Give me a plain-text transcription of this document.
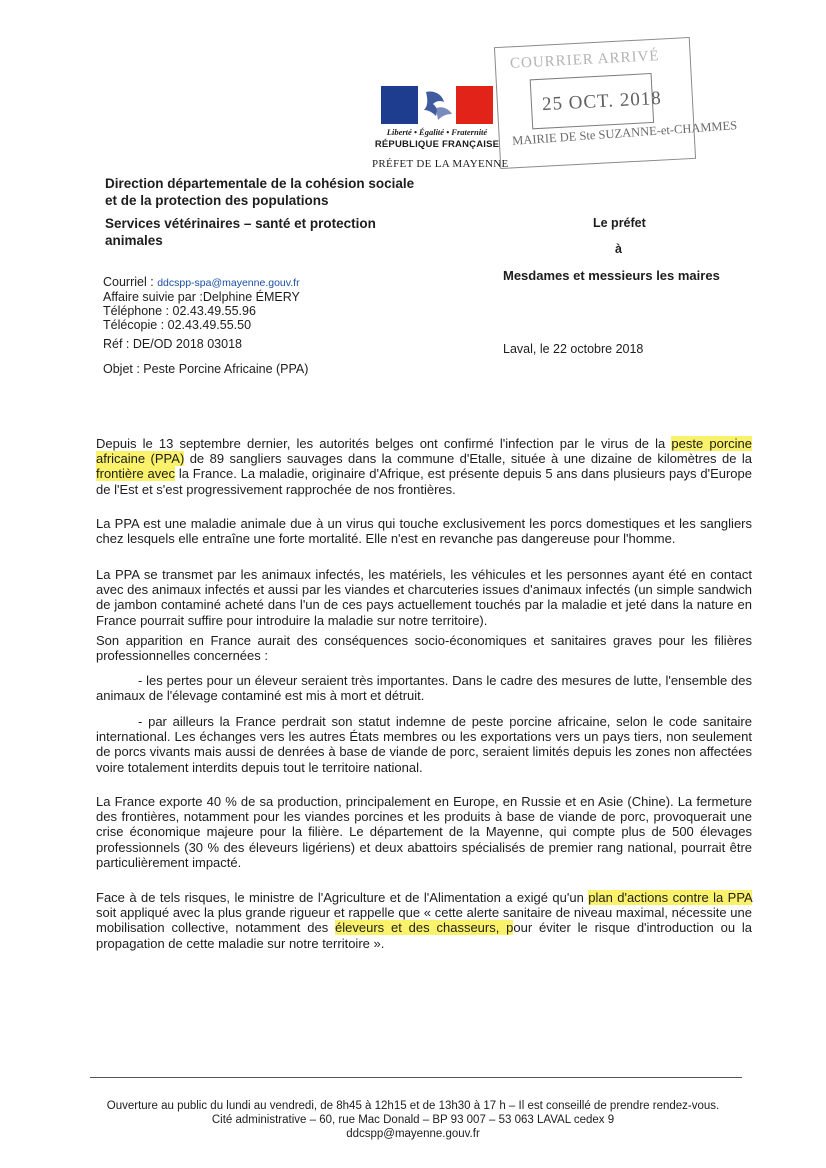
Liberté • Égalité • Fraternité
RÉPUBLIQUE FRANÇAISE
PRÉFET DE LA MAYENNE
COURRIER ARRIVÉ
25 OCT. 2018
MAIRIE DE Ste SUZANNE-et-CHAMMES
Direction départementale de la cohésion sociale
et de la protection des populations
Services vétérinaires – santé et protection
animales
Courriel : ddcspp-spa@mayenne.gouv.fr
Affaire suivie par :Delphine ÉMERY
Téléphone : 02.43.49.55.96
Télécopie : 02.43.49.55.50
Réf : DE/OD 2018 03018
Objet : Peste Porcine Africaine (PPA)
Le préfet
à
Mesdames et messieurs les maires
Laval, le 22 octobre 2018
Depuis le 13 septembre dernier, les autorités belges ont confirmé l'infection par le virus de la peste porcine africaine (PPA) de 89 sangliers sauvages dans la commune d'Etalle, située à une dizaine de kilomètres de la frontière avec la France. La maladie, originaire d'Afrique, est présente depuis 5 ans dans plusieurs pays d'Europe de l'Est et s'est progressivement rapprochée de nos frontières.
La PPA est une maladie animale due à un virus qui touche exclusivement les porcs domestiques et les sangliers chez lesquels elle entraîne une forte mortalité. Elle n'est en revanche pas dangereuse pour l'homme.
La PPA se transmet par les animaux infectés, les matériels, les véhicules et les personnes ayant été en contact avec des animaux infectés et aussi par les viandes et charcuteries issues d'animaux infectés (un simple sandwich de jambon contaminé acheté dans l'un de ces pays actuellement touchés par la maladie et jeté dans la nature en France pourrait suffire pour introduire la maladie sur notre territoire).
Son apparition en France aurait des conséquences socio-économiques et sanitaires graves pour les filières professionnelles concernées :
- les pertes pour un éleveur seraient très importantes. Dans le cadre des mesures de lutte, l'ensemble des animaux de l'élevage contaminé est mis à mort et détruit.
- par ailleurs la France perdrait son statut indemne de peste porcine africaine, selon le code sanitaire international. Les échanges vers les autres États membres ou les exportations vers un pays tiers, non seulement de porcs vivants mais aussi de denrées à base de viande de porc, seraient limités depuis les zones non affectées voire totalement interdits depuis tout le territoire national.
La France exporte 40 % de sa production, principalement en Europe, en Russie et en Asie (Chine). La fermeture des frontières, notamment pour les viandes porcines et les produits à base de viande de porc, provoquerait une crise économique majeure pour la filière. Le département de la Mayenne, qui compte plus de 500 élevages professionnels (30 % des éleveurs ligériens) et deux abattoirs spécialisés de premier rang national, pourrait être particulièrement impacté.
Face à de tels risques, le ministre de l'Agriculture et de l'Alimentation a exigé qu'un plan d'actions contre la PPA soit appliqué avec la plus grande rigueur et rappelle que « cette alerte sanitaire de niveau maximal, nécessite une mobilisation collective, notamment des éleveurs et des chasseurs, pour éviter le risque d'introduction ou la propagation de cette maladie sur notre territoire ».
Ouverture au public du lundi au vendredi, de 8h45 à 12h15 et de 13h30 à 17 h – Il est conseillé de prendre rendez-vous.
Cité administrative – 60, rue Mac Donald – BP 93 007 – 53 063 LAVAL cedex 9
ddcspp@mayenne.gouv.fr
